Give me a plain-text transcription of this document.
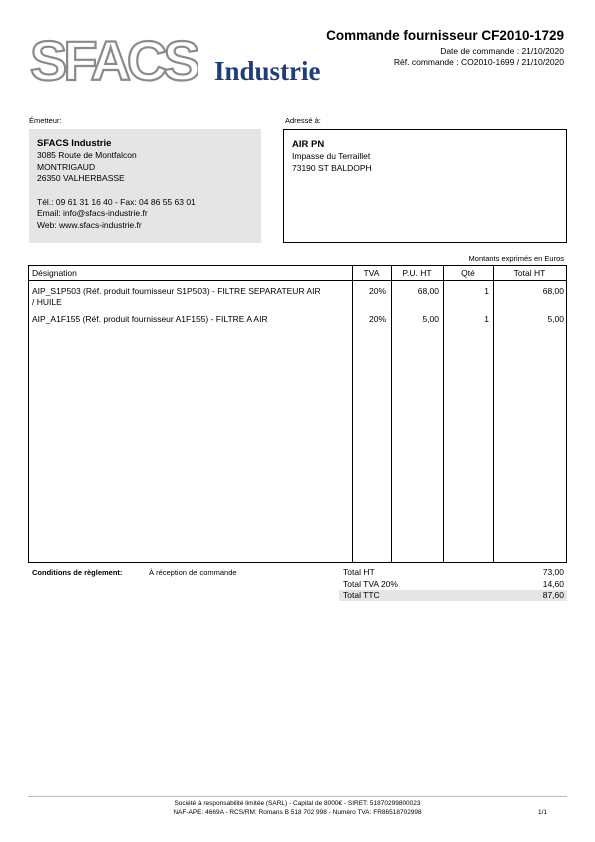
SFACS Industrie
Commande fournisseur CF2010-1729
Date de commande : 21/10/2020
Réf. commande : CO2010-1699 / 21/10/2020
Émetteur:
SFACS Industrie
3085 Route de Montfalcon
MONTRIGAUD
26350 VALHERBASSE
Tél.: 09 61 31 16 40 - Fax: 04 86 55 63 01
Email: info@sfacs-industrie.fr
Web: www.sfacs-industrie.fr
Adressé à:
AIR PN
Impasse du Terraillet
73190 ST BALDOPH
Montants exprimés en Euros
Désignation	TVA	P.U. HT	Qté	Total HT
AIP_S1P503 (Réf. produit fournisseur S1P503) - FILTRE SEPARATEUR AIR
/ HUILE
20%	68,00	1	68,00
AIP_A1F155 (Réf. produit fournisseur A1F155) - FILTRE A AIR	20%	5,00	1	5,00
Conditions de règlement:	À réception de commande	Total HT	73,00
Total TVA 20%	14,60
Total TTC	87,60
Société à responsabilité limitée (SARL) - Capital de 8000€ - SIRET: 51870299800023
NAF-APE: 4669A - RCS/RM: Romans B 518 702 998 - Numéro TVA: FR86518702998	1/1
